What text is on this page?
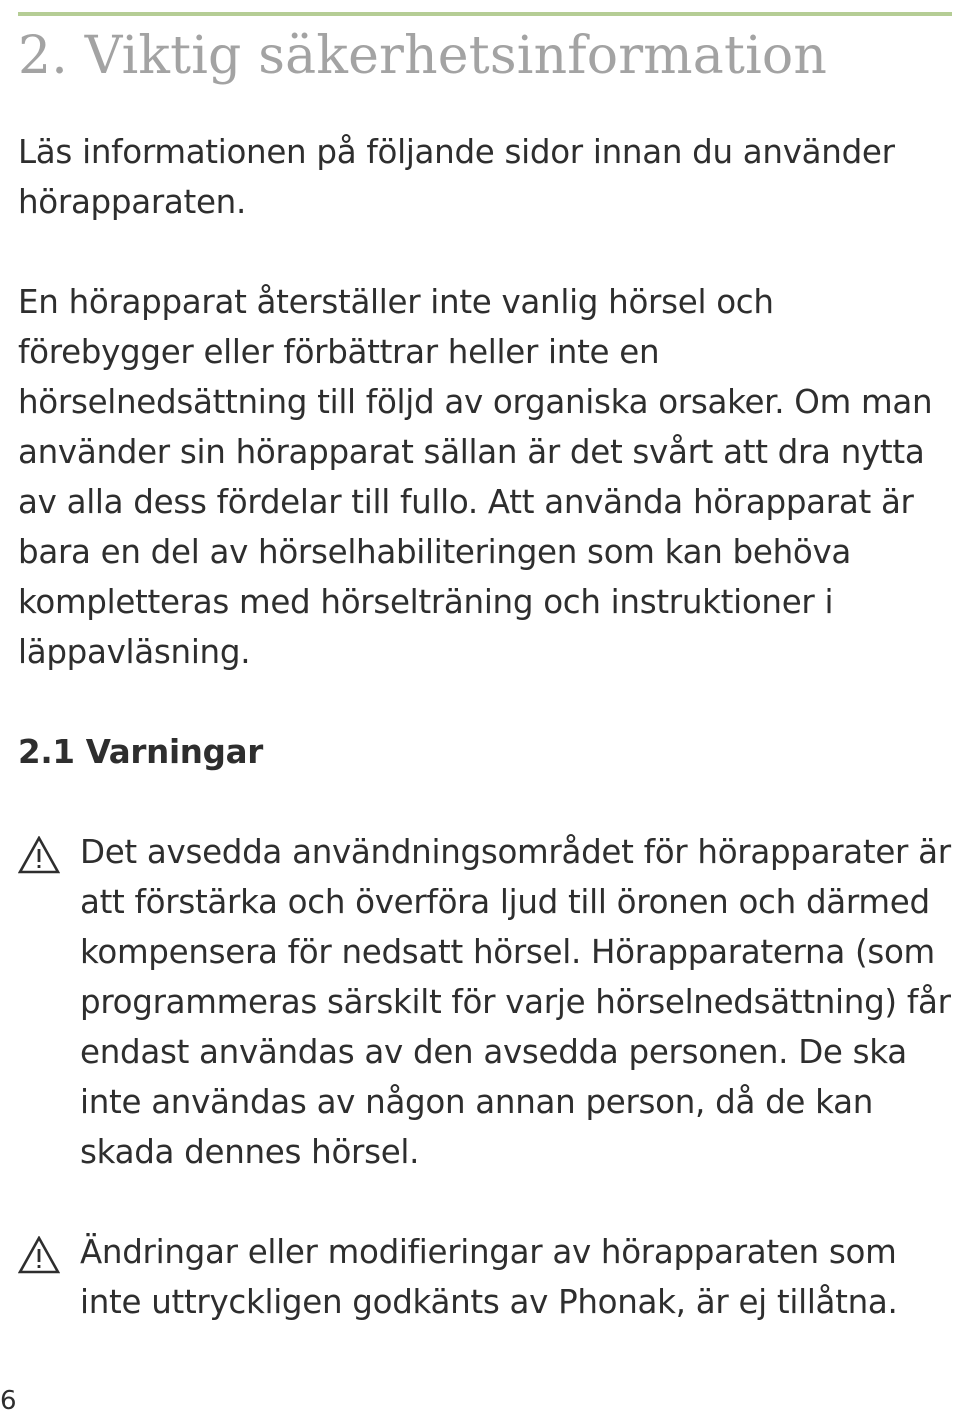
2. Viktig säkerhetsinformation

Läs informationen på följande sidor innan du använder hörapparaten.

En hörapparat återställer inte vanlig hörsel och förebygger eller förbättrar heller inte en hörselnedsättning till följd av organiska orsaker. Om man använder sin hörapparat sällan är det svårt att dra nytta av alla dess fördelar till fullo. Att använda hörapparat är bara en del av hörselhabiliteringen som kan behöva kompletteras med hörselträning och instruktioner i läppavläsning.

2.1 Varningar

Det avsedda användningsområdet för hörapparater är att förstärka och överföra ljud till öronen och därmed kompensera för nedsatt hörsel. Hörapparaterna (som programmeras särskilt för varje hörselnedsättning) får endast användas av den avsedda personen. De ska inte användas av någon annan person, då de kan skada dennes hörsel.

Ändringar eller modifieringar av hörapparaten som inte uttryckligen godkänts av Phonak, är ej tillåtna.

6
